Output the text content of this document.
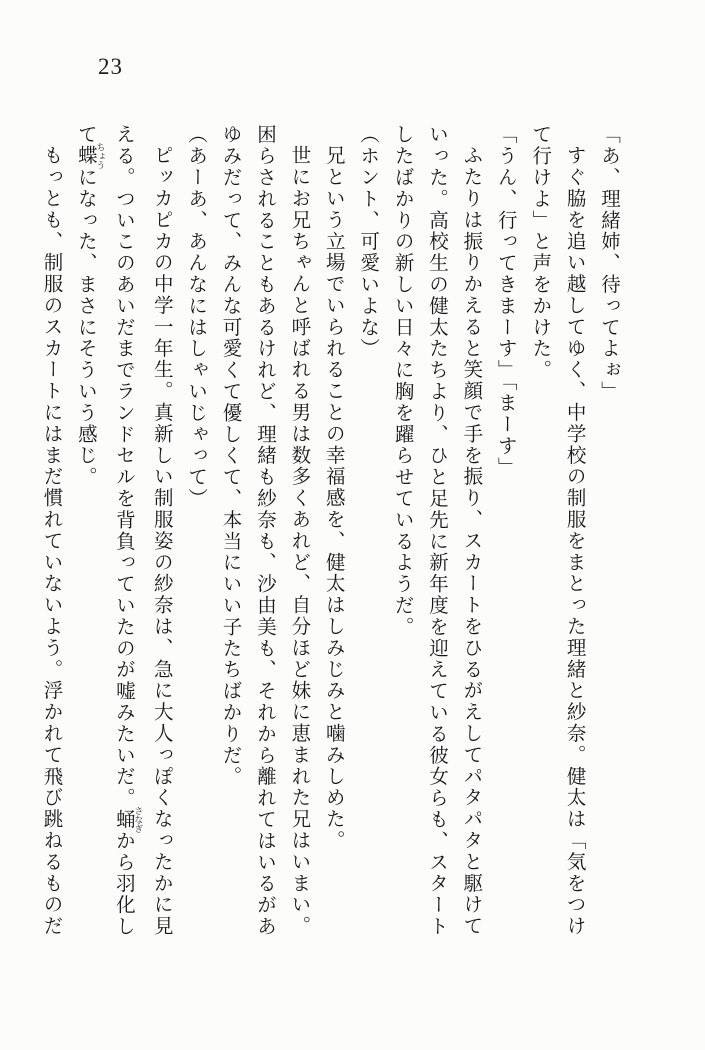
23
「あ、理緒姉、待ってよぉ」
すぐ脇を追い越してゆく、中学校の制服をまとった理緒と紗奈。健太は「気をつけ
て行けよ」と声をかけた。
「うん、行ってきまーす」「まーす」
ふたりは振りかえると笑顔で手を振り、スカートをひるがえしてパタパタと駆けて
いった。高校生の健太たちより、ひと足先に新年度を迎えている彼女らも、スタート
したばかりの新しい日々に胸を躍らせているようだ。
（ホント、可愛いよな）
兄という立場でいられることの幸福感を、健太はしみじみと噛みしめた。
世にお兄ちゃんと呼ばれる男は数多くあれど、自分ほど妹に恵まれた兄はいまい。
困らされることもあるけれど、理緒も紗奈も、沙由美も、それから離れてはいるがあ
ゆみだって、みんな可愛くて優しくて、本当にいい子たちばかりだ。
（あーあ、あんなにはしゃいじゃって）
ピッカピカの中学一年生。真新しい制服姿の紗奈は、急に大人っぽくなったかに見
える。ついこのあいだまでランドセルを背負っていたのが嘘みたいだ。蛹 さなぎから羽化し
て蝶 ちょうになった、まさにそういう感じ。
もっとも、制服のスカートにはまだ慣れていないよう。浮かれて飛び跳ねるものだ
